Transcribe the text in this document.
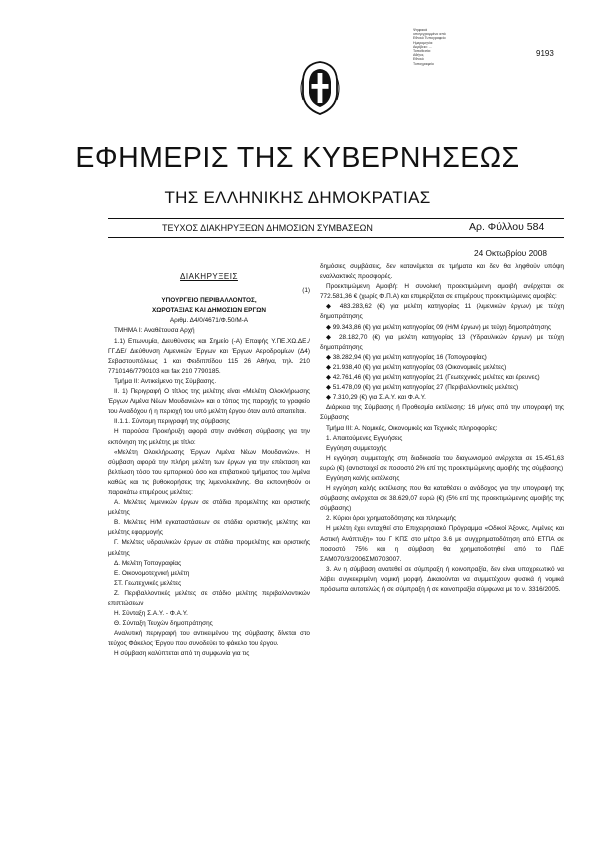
Ψηφιακά
υπογεγραμμένο από
Εθνικό Τυπογραφείο
Ημερομηνία:
Ακρίβεια: ...
Τοποθεσία:
Αθήνα,
Εθνικό
Τυπογραφείο
9193
ΕΦΗΜΕΡΙΣ ΤΗΣ ΚΥΒΕΡΝΗΣΕΩΣ
ΤΗΣ ΕΛΛΗΝΙΚΗΣ ΔΗΜΟΚΡΑΤΙΑΣ
ΤΕΥΧΟΣ ΔΙΑΚΗΡΥΞΕΩΝ ΔΗΜΟΣΙΩΝ ΣΥΜΒΑΣΕΩΝ	Αρ. Φύλλου 584
24 Οκτωβρίου 2008

ΔΙΑΚΗΡΥΞΕΙΣ

(1)

ΥΠΟΥΡΓΕΙΟ ΠΕΡΙΒΑΛΛΟΝΤΟΣ,

ΧΩΡΟΤΑΞΙΑΣ ΚΑΙ ΔΗΜΟΣΙΩΝ ΕΡΓΩΝ

Αριθμ. Δ4/0/4671/Φ.50/Μ-Α

ΤΜΗΜΑ Ι: Αναθέτουσα Αρχή

1.1) Επωνυμία, Διευθύνσεις και Σημείο (-Α) Επαφής Υ.ΠΕ.ΧΩ.ΔΕ./ ΓΓ.ΔΕ/ Διεύθυνση Λιμενικών Έργων και Έργων Αεροδρομίων (Δ4) Σεβαστουπόλεως 1 και Φειδιππίδου 115 26 Αθήνα, τηλ. 210 7710146/7790103 και fax 210 7790185.

Τμήμα ΙΙ: Αντικείμενο της Σύμβασης.

ΙΙ. 1) Περιγραφή Ο τίτλος της μελέτης είναι «Μελέτη Ολοκλήρωσης Έργων Λιμένα Νέων Μουδανιών» και ο τόπος της παροχής το γραφείο του Αναδόχου ή η περιοχή του υπό μελέτη έργου όταν αυτό απαιτείται.

ΙΙ.1.1. Σύντομη περιγραφή της σύμβασης

Η παρούσα Προκήρυξη αφορά στην ανάθεση σύμβασης για την εκπόνηση της μελέτης με τίτλο:

«Μελέτη Ολοκλήρωσης Έργων Λιμένα Νέων Μουδανιών». Η σύμβαση αφορά την πλήρη μελέτη των έργων για την επέκταση και βελτίωση τόσο του εμπορικού όσο και επιβατικού τμήματος του λιμένα καθώς και τις βυθοκορήσεις της λιμενολεκάνης. Θα εκπονηθούν οι παρακάτω επιμέρους μελέτες:

Α. Μελέτες λιμενικών έργων σε στάδια προμελέτης και οριστικής μελέτης

Β. Μελέτες Η/Μ εγκαταστάσεων σε στάδια οριστικής μελέτης και μελέτης εφαρμογής

Γ. Μελέτες υδραυλικών έργων σε στάδια προμελέτης και οριστικής μελέτης

Δ. Μελέτη Τοπογραφίας

Ε. Οικονομοτεχνική μελέτη

ΣΤ. Γεωτεχνικές μελέτες

Ζ. Περιβαλλοντικές μελέτες σε στάδιο μελέτης περιβαλλοντικών επιπτώσεων

Η. Σύνταξη Σ.Α.Υ. - Φ.Α.Υ.

Θ. Σύνταξη Τευχών δημοπράτησης

Αναλυτική περιγραφή του αντικειμένου της σύμβασης δίνεται στο τεύχος Φάκελος Έργου που συνοδεύει το φάκελο του έργου.

Η σύμβαση καλύπτεται από τη συμφωνία για τις

δημόσιες συμβάσεις, δεν κατανέμεται σε τμήματα και δεν θα ληφθούν υπόψη εναλλακτικές προσφορές.

Προεκτιμώμενη Αμοιβή: Η συνολική προεκτιμώμενη αμοιβή ανέρχεται σε 772.581,36 € (χωρίς Φ.Π.Α) και επιμερίζεται σε επιμέρους προεκτιμώμενες αμοιβές:

◆ 483.283,62 (€) για μελέτη κατηγορίας 11 (λιμενικών έργων) με τεύχη δημοπράτησης

◆ 99.343,86 (€) για μελέτη κατηγορίας 09 (Η/Μ έργων) με τεύχη δημοπράτησης

◆ 28.182,70 (€) για μελέτη κατηγορίας 13 (Υδραυλικών έργων) με τεύχη δημοπράτησης

◆ 38.282,94 (€) για μελέτη κατηγορίας 16 (Τοπογραφίας)

◆ 21.938,40 (€) για μελέτη κατηγορίας 03 (Οικονομικές μελέτες)

◆ 42.761,46 (€) για μελέτη κατηγορίας 21 (Γεωτεχνικές μελέτες και έρευνες)

◆ 51.478,09 (€) για μελέτη κατηγορίας 27 (Περιβαλλοντικές μελέτες)

◆ 7.310,29 (€) για Σ.Α.Υ. και Φ.Α.Υ.

Διάρκεια της Σύμβασης ή Προθεσμία εκτέλεσης: 16 μήνες από την υπογραφή της Σύμβασης

Τμήμα ΙΙΙ: Α. Νομικές, Οικονομικές και Τεχνικές πληροφορίες:

1. Απαιτούμενες Εγγυήσεις

Εγγύηση συμμετοχής

Η εγγύηση συμμετοχής στη διαδικασία του διαγωνισμού ανέρχεται σε 15.451,63 ευρώ (€) (αντιστοιχεί σε ποσοστό 2% επί της προεκτιμώμενης αμοιβής της σύμβασης)

Εγγύηση καλής εκτέλεσης

Η εγγύηση καλής εκτέλεσης που θα καταθέσει ο ανάδοχος για την υπογραφή της σύμβασης ανέρχεται σε 38.629,07 ευρώ (€) (5% επί της προεκτιμώμενης αμοιβής της σύμβασης)

2. Κύριοι όροι χρηματοδότησης και πληρωμής

Η μελέτη έχει ενταχθεί στο Επιχειρησιακό Πρόγραμμα «Οδικοί Άξονες, Λιμένες και Αστική Ανάπτυξη» του Γ ΚΠΣ στο μέτρο 3.6 με συγχρηματοδότηση από ΕΤΠΑ σε ποσοστό 75% και η σύμβαση θα χρηματοδοτηθεί από το ΠΔΕ ΣΑΜ070/3/2006ΣΜ0703007.

3. Αν η σύμβαση ανατεθεί σε σύμπραξη ή κοινοπραξία, δεν είναι υποχρεωτικό να λάβει συγκεκριμένη νομική μορφή. Δικαιούνται να συμμετέχουν φυσικά ή νομικά πρόσωπα αυτοτελώς ή σε σύμπραξη ή σε κοινοπραξία σύμφωνα με το ν. 3316/2005.
